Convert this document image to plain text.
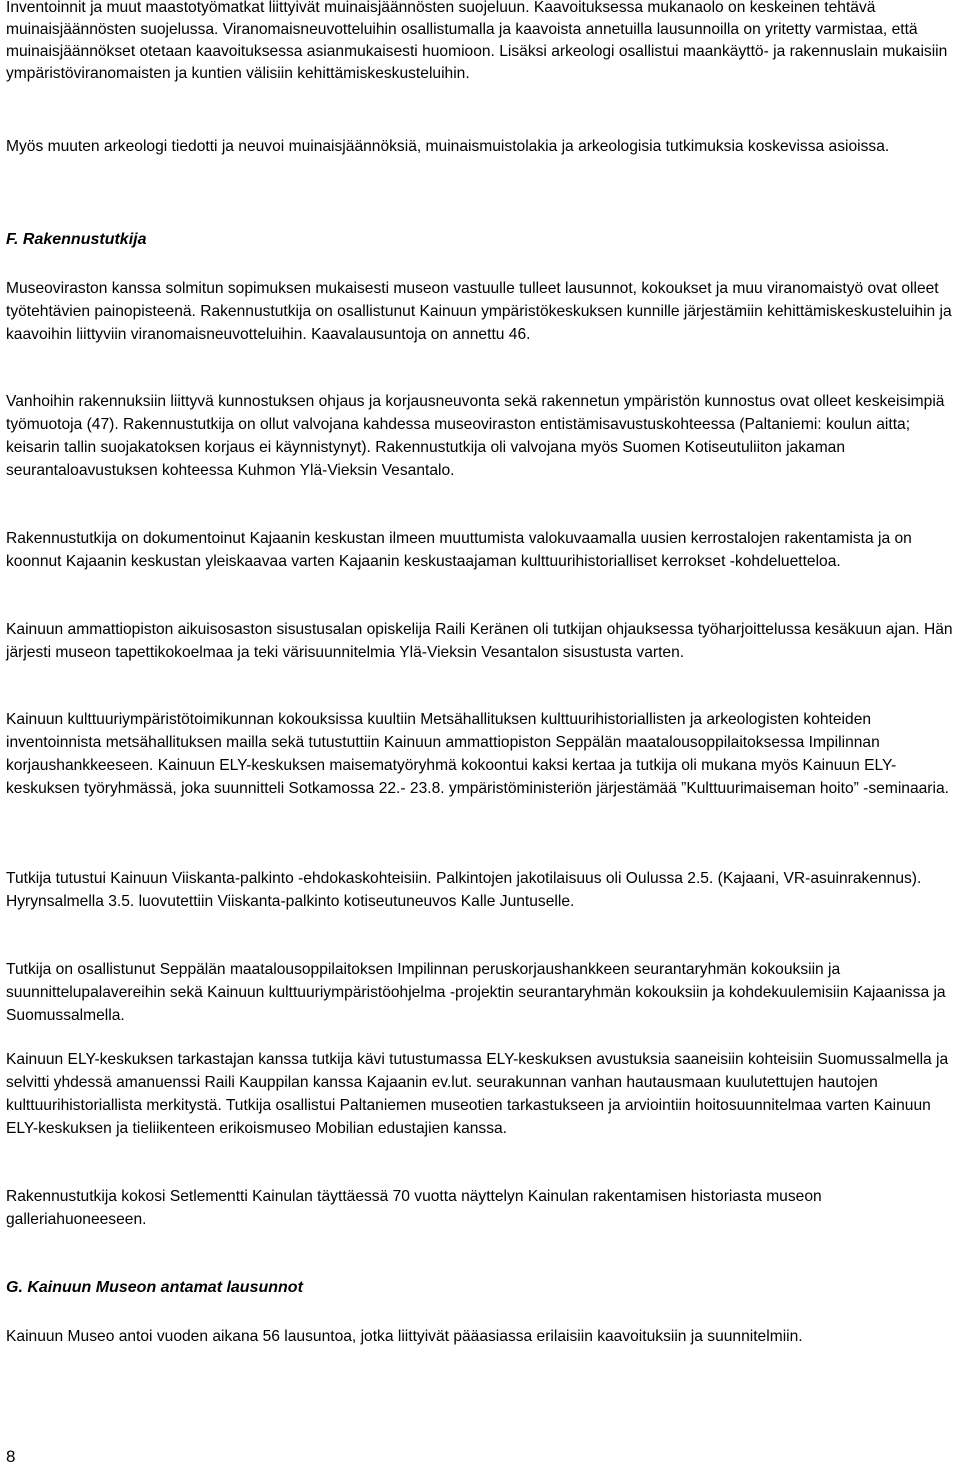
Inventoinnit ja muut maastotyömatkat liittyivät muinaisjäännösten suojeluun. Kaavoituksessa mukanaolo on keskeinen tehtävä muinaisjäännösten suojelussa. Viranomaisneuvotteluihin osallistumalla ja kaavoista annetuilla lausunnoilla on yritetty varmistaa, että muinaisjäännökset otetaan kaavoituksessa asianmukaisesti huomioon. Lisäksi arkeologi osallistui maankäyttö- ja rakennuslain mukaisiin ympäristöviranomaisten ja kuntien välisiin kehittämiskeskusteluihin.

Myös muuten arkeologi tiedotti ja neuvoi muinaisjäännöksiä, muinaismuistolakia ja arkeologisia tutkimuksia koskevissa asioissa.

F. Rakennustutkija

Museoviraston kanssa solmitun sopimuksen mukaisesti museon vastuulle tulleet lausunnot, kokoukset ja muu viranomaistyö ovat olleet työtehtävien painopisteenä. Rakennustutkija on osallistunut Kainuun ympäristökeskuksen kunnille järjestämiin kehittämiskeskusteluihin ja kaavoihin liittyviin viranomaisneuvotteluihin. Kaavalausuntoja on annettu 46.

Vanhoihin rakennuksiin liittyvä kunnostuksen ohjaus ja korjausneuvonta sekä rakennetun ympäristön kunnostus ovat olleet keskeisimpiä työmuotoja (47). Rakennustutkija on ollut valvojana kahdessa museoviraston entistämisavustuskohteessa (Paltaniemi: koulun aitta; keisarin tallin suojakatoksen korjaus ei käynnistynyt). Rakennustutkija oli valvojana myös Suomen Kotiseutuliiton jakaman seurantaloavustuksen kohteessa Kuhmon Ylä-Vieksin Vesantalo.

Rakennustutkija on dokumentoinut Kajaanin keskustan ilmeen muuttumista valokuvaamalla uusien kerrostalojen rakentamista ja on koonnut Kajaanin keskustan yleiskaavaa varten Kajaanin keskustaajaman kulttuurihistorialliset kerrokset -kohdeluetteloa.

Kainuun ammattiopiston aikuisosaston sisustusalan opiskelija Raili Keränen oli tutkijan ohjauksessa työharjoittelussa kesäkuun ajan. Hän järjesti museon tapettikokoelmaa ja teki värisuunnitelmia Ylä-Vieksin Vesantalon sisustusta varten.

Kainuun kulttuuriympäristötoimikunnan kokouksissa kuultiin Metsähallituksen kulttuurihistoriallisten ja arkeologisten kohteiden inventoinnista metsähallituksen mailla sekä tutustuttiin Kainuun ammattiopiston Seppälän maatalousoppilaitoksessa Impilinnan korjaushankkeeseen. Kainuun ELY-keskuksen maisematyöryhmä kokoontui kaksi kertaa ja tutkija oli mukana myös Kainuun ELY-keskuksen työryhmässä, joka suunnitteli Sotkamossa 22.- 23.8. ympäristöministeriön järjestämää ”Kulttuurimaiseman hoito” -seminaaria.

Tutkija tutustui Kainuun Viiskanta-palkinto -ehdokaskohteisiin. Palkintojen jakotilaisuus oli Oulussa 2.5. (Kajaani, VR-asuinrakennus). Hyrynsalmella 3.5. luovutettiin Viiskanta-palkinto kotiseutuneuvos Kalle Juntuselle.

Tutkija on osallistunut Seppälän maatalousoppilaitoksen Impilinnan peruskorjaushankkeen seurantaryhmän kokouksiin ja suunnittelupalavereihin sekä Kainuun kulttuuriympäristöohjelma -projektin seurantaryhmän kokouksiin ja kohdekuulemisiin Kajaanissa ja Suomussalmella.

Kainuun ELY-keskuksen tarkastajan kanssa tutkija kävi tutustumassa ELY-keskuksen avustuksia saaneisiin kohteisiin Suomussalmella ja selvitti yhdessä amanuenssi Raili Kauppilan kanssa Kajaanin ev.lut. seurakunnan vanhan hautausmaan kuulutettujen hautojen kulttuurihistoriallista merkitystä. Tutkija osallistui Paltaniemen museotien tarkastukseen ja arviointiin hoitosuunnitelmaa varten Kainuun ELY-keskuksen ja tieliikenteen erikoismuseo Mobilian edustajien kanssa.

Rakennustutkija kokosi Setlementti Kainulan täyttäessä 70 vuotta näyttelyn Kainulan rakentamisen historiasta museon galleriahuoneeseen.

G. Kainuun Museon antamat lausunnot

Kainuun Museo antoi vuoden aikana 56 lausuntoa, jotka liittyivät pääasiassa erilaisiin kaavoituksiin ja suunnitelmiin.

8
